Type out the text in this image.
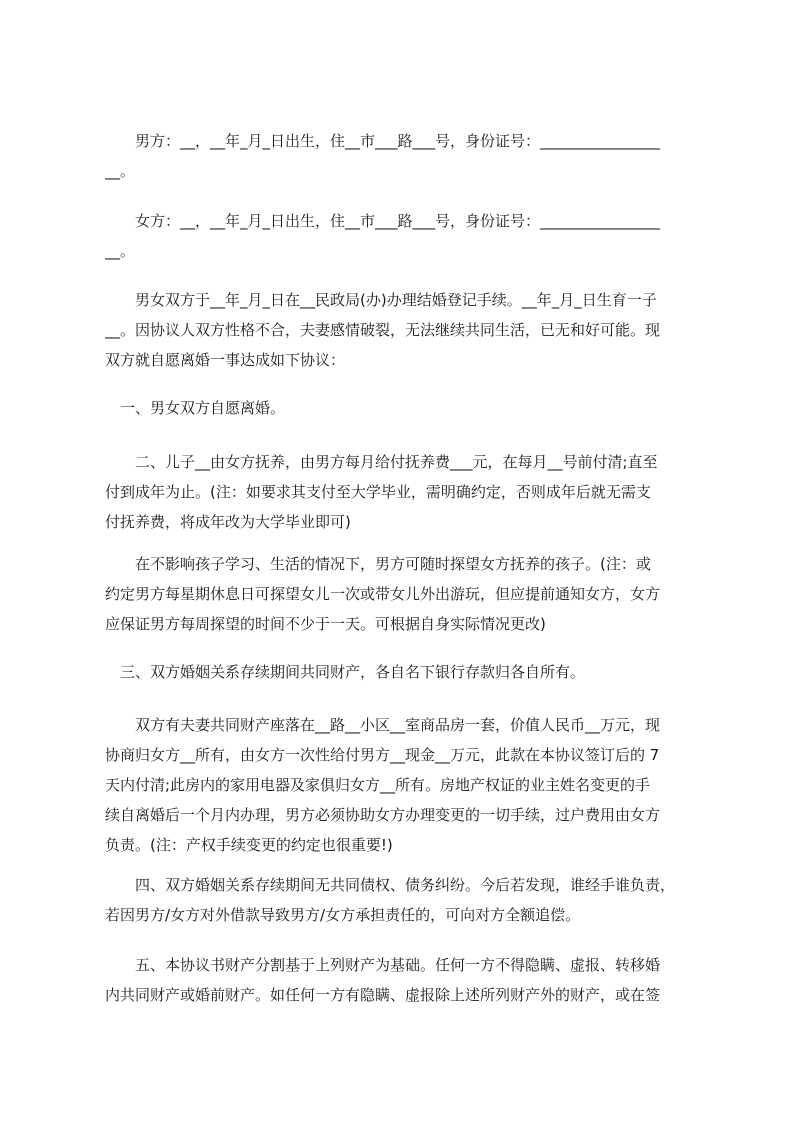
　　男方：__，__年_月_日出生，住__市___路___号，身份证号：________________
__。

　　女方：__，__年_月_日出生，住__市___路___号，身份证号：________________
__。

　　男女双方于__年_月_日在__民政局(办)办理结婚登记手续。__年_月_日生育一子
__。因协议人双方性格不合，夫妻感情破裂，无法继续共同生活，已无和好可能。现
双方就自愿离婚一事达成如下协议：

　一、男女双方自愿离婚。

　　二、儿子__由女方抚养，由男方每月给付抚养费___元，在每月__号前付清;直至
付到成年为止。(注：如要求其支付至大学毕业，需明确约定，否则成年后就无需支
付抚养费，将成年改为大学毕业即可)

　　在不影响孩子学习、生活的情况下，男方可随时探望女方抚养的孩子。(注：或
约定男方每星期休息日可探望女儿一次或带女儿外出游玩，但应提前通知女方，女方
应保证男方每周探望的时间不少于一天。可根据自身实际情况更改)

　三、双方婚姻关系存续期间共同财产，各自名下银行存款归各自所有。

　　双方有夫妻共同财产座落在__路__小区__室商品房一套，价值人民币__万元，现
协商归女方__所有，由女方一次性给付男方__现金__万元，此款在本协议签订后的 7
天内付清;此房内的家用电器及家俱归女方__所有。房地产权证的业主姓名变更的手
续自离婚后一个月内办理，男方必须协助女方办理变更的一切手续，过户费用由女方
负责。(注：产权手续变更的约定也很重要!)

　　四、双方婚姻关系存续期间无共同债权、债务纠纷。今后若发现，谁经手谁负责，
若因男方/女方对外借款导致男方/女方承担责任的，可向对方全额追偿。

　　五、本协议书财产分割基于上列财产为基础。任何一方不得隐瞒、虚报、转移婚
内共同财产或婚前财产。如任何一方有隐瞒、虚报除上述所列财产外的财产，或在签
